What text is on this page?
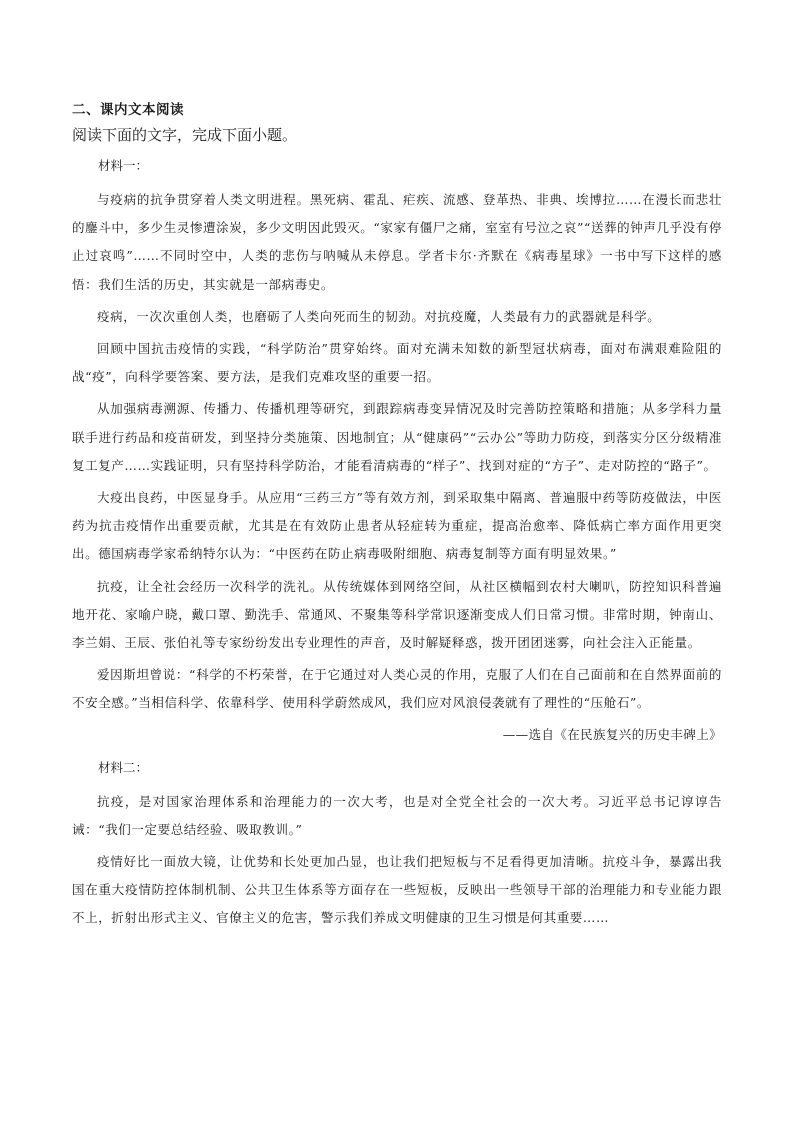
二、课内文本阅读
阅读下面的文字，完成下面小题。
材料一：

与疫病的抗争贯穿着人类文明进程。黑死病、霍乱、疟疾、流感、登革热、非典、埃博拉……在漫长而悲壮的鏖斗中，多少生灵惨遭涂炭，多少文明因此毁灭。“家家有僵尸之痛，室室有号泣之哀”“送葬的钟声几乎没有停止过哀鸣”……不同时空中，人类的悲伤与呐喊从未停息。学者卡尔·齐默在《病毒星球》一书中写下这样的感悟：我们生活的历史，其实就是一部病毒史。

疫病，一次次重创人类，也磨砺了人类向死而生的韧劲。对抗疫魔，人类最有力的武器就是科学。

回顾中国抗击疫情的实践，“科学防治”贯穿始终。面对充满未知数的新型冠状病毒，面对布满艰难险阻的战“疫”，向科学要答案、要方法，是我们克难攻坚的重要一招。

从加强病毒溯源、传播力、传播机理等研究，到跟踪病毒变异情况及时完善防控策略和措施；从多学科力量联手进行药品和疫苗研发，到坚持分类施策、因地制宜；从“健康码”“云办公”等助力防疫，到落实分区分级精准复工复产……实践证明，只有坚持科学防治，才能看清病毒的“样子”、找到对症的“方子”、走对防控的“路子”。

大疫出良药，中医显身手。从应用“三药三方”等有效方剂，到采取集中隔离、普遍服中药等防疫做法，中医药为抗击疫情作出重要贡献，尤其是在有效防止患者从轻症转为重症，提高治愈率、降低病亡率方面作用更突出。德国病毒学家希纳特尔认为：“中医药在防止病毒吸附细胞、病毒复制等方面有明显效果。”

抗疫，让全社会经历一次科学的洗礼。从传统媒体到网络空间，从社区横幅到农村大喇叭，防控知识科普遍地开花、家喻户晓，戴口罩、勤洗手、常通风、不聚集等科学常识逐渐变成人们日常习惯。非常时期，钟南山、李兰娟、王辰、张伯礼等专家纷纷发出专业理性的声音，及时解疑释惑，拨开团团迷雾，向社会注入正能量。

爱因斯坦曾说：“科学的不朽荣誉，在于它通过对人类心灵的作用，克服了人们在自己面前和在自然界面前的不安全感。”当相信科学、依靠科学、使用科学蔚然成风，我们应对风浪侵袭就有了理性的“压舱石”。

——选自《在民族复兴的历史丰碑上》
材料二：

抗疫，是对国家治理体系和治理能力的一次大考，也是对全党全社会的一次大考。习近平总书记谆谆告诫：“我们一定要总结经验、吸取教训。”

疫情好比一面放大镜，让优势和长处更加凸显，也让我们把短板与不足看得更加清晰。抗疫斗争，暴露出我国在重大疫情防控体制机制、公共卫生体系等方面存在一些短板，反映出一些领导干部的治理能力和专业能力跟不上，折射出形式主义、官僚主义的危害，警示我们养成文明健康的卫生习惯是何其重要……
